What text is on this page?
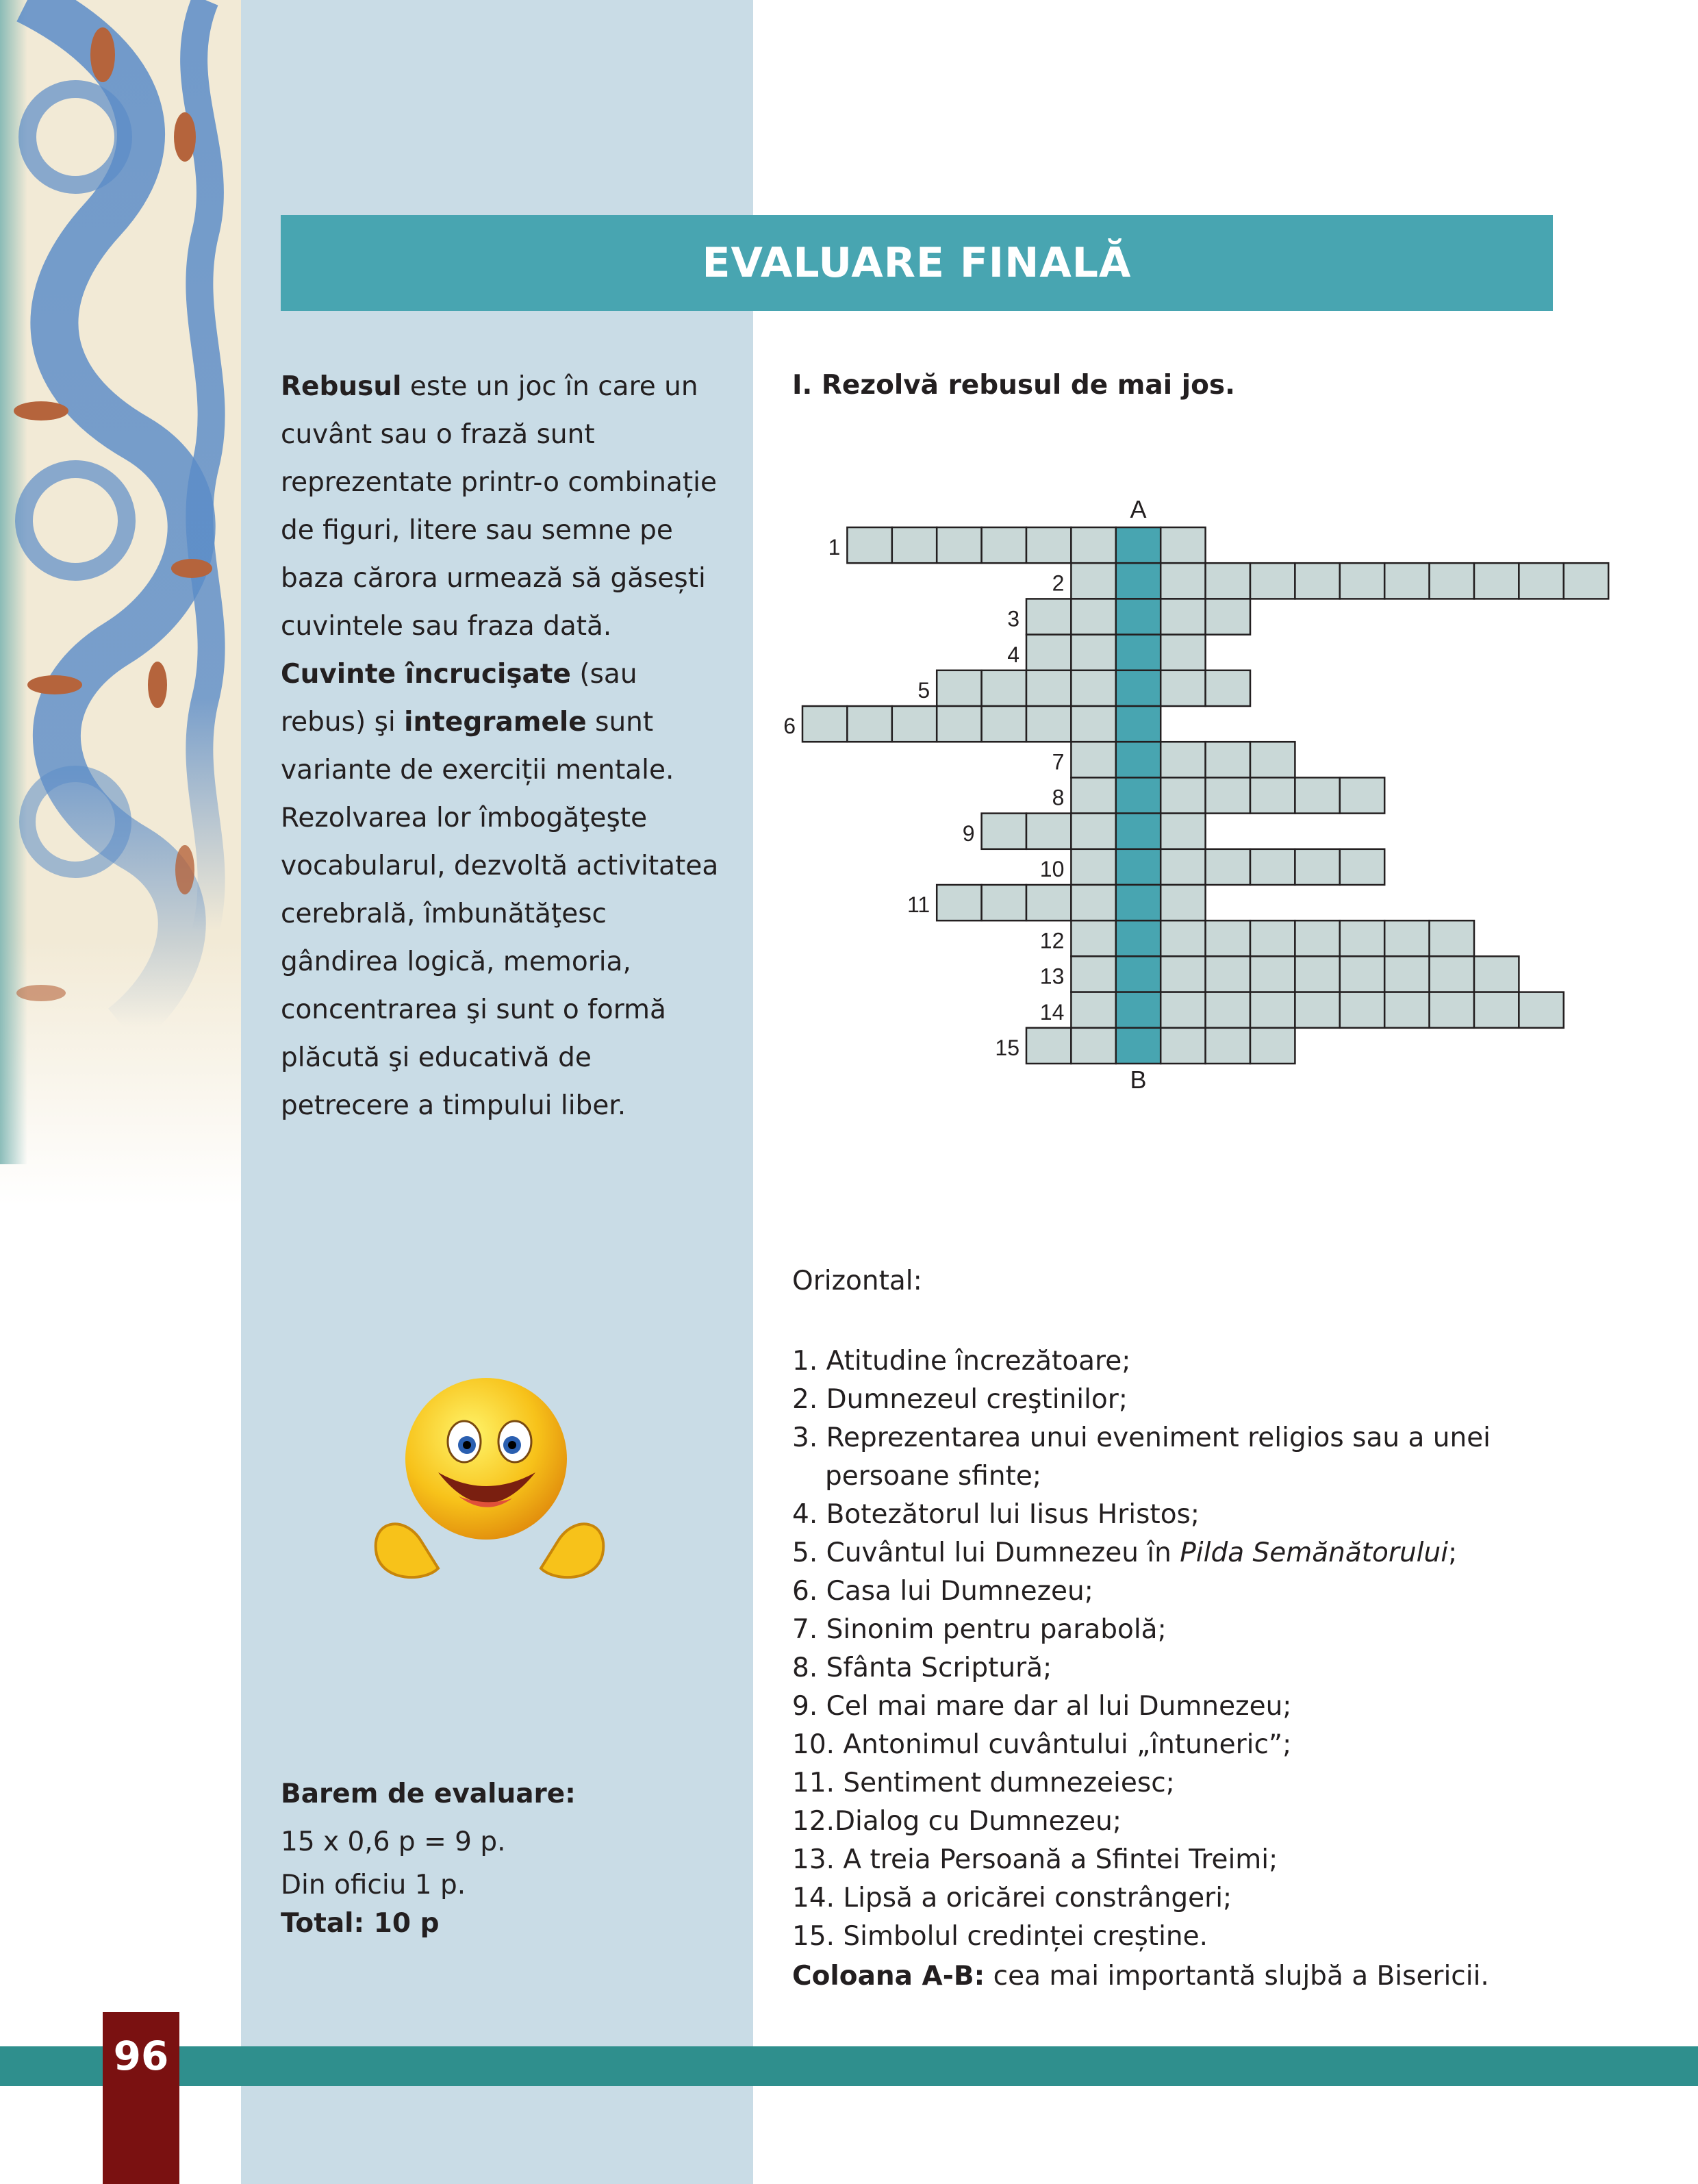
EVALUARE FINALĂ
Rebusul este un joc în care un cuvânt sau o frază sunt reprezentate printr-o combinație de figuri, litere sau semne pe baza cărora urmează să găsești cuvintele sau fraza dată.
Cuvinte încrucişate (sau rebus) şi integramele sunt variante de exerciții mentale.
Rezolvarea lor îmbogăţeşte vocabularul, dezvoltă activitatea cerebrală, îmbunătăţesc gândirea logică, memoria, concentrarea şi sunt o formă plăcută şi educativă de petrecere a timpului liber.
Barem de evaluare:
15 x 0,6 p = 9 p.
Din oficiu 1 p.
Total: 10 p
I. Rezolvă rebusul de mai jos.
1
2
3
4
5
6
7
8
9
10
11
12
13
14
15
A
B
Orizontal:
1. Atitudine încrezătoare;
2. Dumnezeul creştinilor;
3. Reprezentarea unui eveniment religios sau a unei
persoane sfinte;
4. Botezătorul lui Iisus Hristos;
5. Cuvântul lui Dumnezeu în Pilda Semănătorului;
6. Casa lui Dumnezeu;
7. Sinonim pentru parabolă;
8. Sfânta Scriptură;
9. Cel mai mare dar al lui Dumnezeu;
10. Antonimul cuvântului „întuneric”;
11. Sentiment dumnezeiesc;
12.Dialog cu Dumnezeu;
13. A treia Persoană a Sfintei Treimi;
14. Lipsă a oricărei constrângeri;
15. Simbolul credinței creștine.
Coloana A-B: cea mai importantă slujbă a Bisericii.
96
